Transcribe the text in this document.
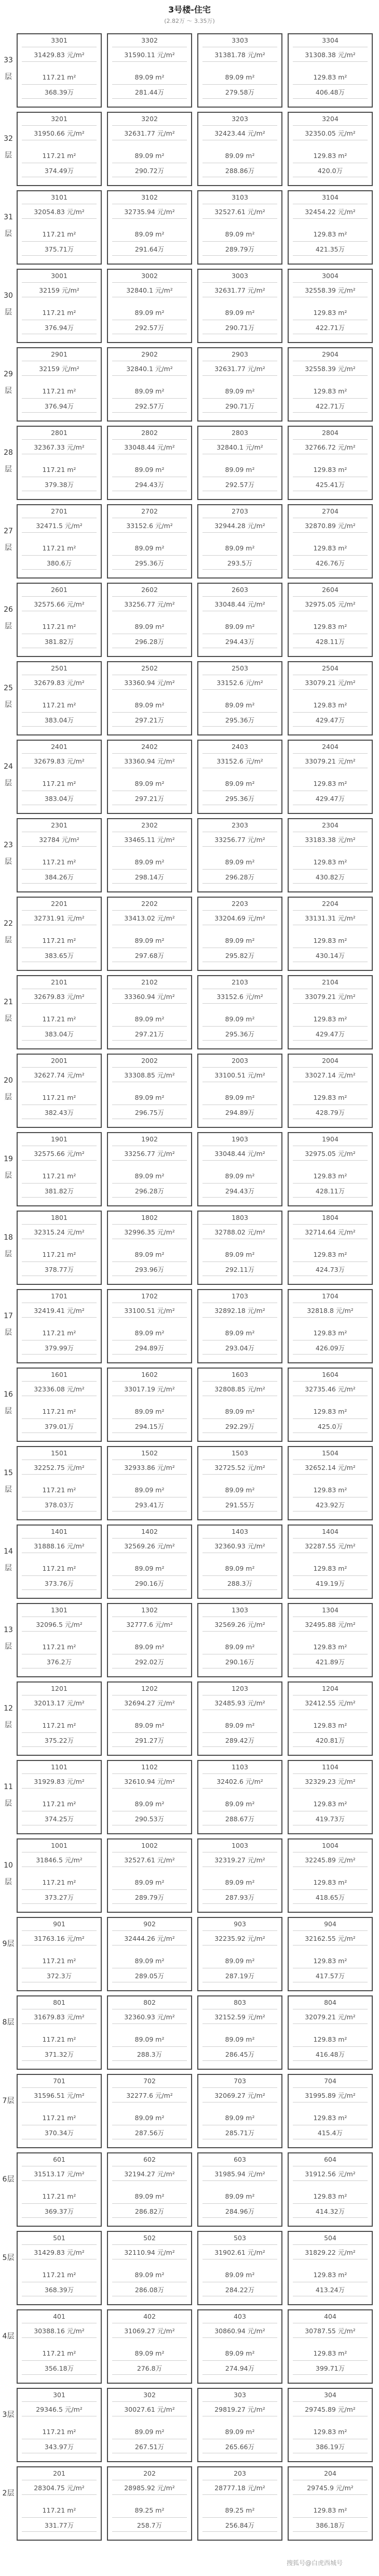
3号楼-住宅
(2.82万 ～ 3.35万)
33层
3301
31429.83 元/m²
117.21 m²
368.39万
3302
31590.11 元/m²
89.09 m²
281.44万
3303
31381.78 元/m²
89.09 m²
279.58万
3304
31308.38 元/m²
129.83 m²
406.48万
32层
3201
31950.66 元/m²
117.21 m²
374.49万
3202
32631.77 元/m²
89.09 m²
290.72万
3203
32423.44 元/m²
89.09 m²
288.86万
3204
32350.05 元/m²
129.83 m²
420.0万
31层
3101
32054.83 元/m²
117.21 m²
375.71万
3102
32735.94 元/m²
89.09 m²
291.64万
3103
32527.61 元/m²
89.09 m²
289.79万
3104
32454.22 元/m²
129.83 m²
421.35万
30层
3001
32159 元/m²
117.21 m²
376.94万
3002
32840.1 元/m²
89.09 m²
292.57万
3003
32631.77 元/m²
89.09 m²
290.71万
3004
32558.39 元/m²
129.83 m²
422.71万
29层
2901
32159 元/m²
117.21 m²
376.94万
2902
32840.1 元/m²
89.09 m²
292.57万
2903
32631.77 元/m²
89.09 m²
290.71万
2904
32558.39 元/m²
129.83 m²
422.71万
28层
2801
32367.33 元/m²
117.21 m²
379.38万
2802
33048.44 元/m²
89.09 m²
294.43万
2803
32840.1 元/m²
89.09 m²
292.57万
2804
32766.72 元/m²
129.83 m²
425.41万
27层
2701
32471.5 元/m²
117.21 m²
380.6万
2702
33152.6 元/m²
89.09 m²
295.36万
2703
32944.28 元/m²
89.09 m²
293.5万
2704
32870.89 元/m²
129.83 m²
426.76万
26层
2601
32575.66 元/m²
117.21 m²
381.82万
2602
33256.77 元/m²
89.09 m²
296.28万
2603
33048.44 元/m²
89.09 m²
294.43万
2604
32975.05 元/m²
129.83 m²
428.11万
25层
2501
32679.83 元/m²
117.21 m²
383.04万
2502
33360.94 元/m²
89.09 m²
297.21万
2503
33152.6 元/m²
89.09 m²
295.36万
2504
33079.21 元/m²
129.83 m²
429.47万
24层
2401
32679.83 元/m²
117.21 m²
383.04万
2402
33360.94 元/m²
89.09 m²
297.21万
2403
33152.6 元/m²
89.09 m²
295.36万
2404
33079.21 元/m²
129.83 m²
429.47万
23层
2301
32784 元/m²
117.21 m²
384.26万
2302
33465.11 元/m²
89.09 m²
298.14万
2303
33256.77 元/m²
89.09 m²
296.28万
2304
33183.38 元/m²
129.83 m²
430.82万
22层
2201
32731.91 元/m²
117.21 m²
383.65万
2202
33413.02 元/m²
89.09 m²
297.68万
2203
33204.69 元/m²
89.09 m²
295.82万
2204
33131.31 元/m²
129.83 m²
430.14万
21层
2101
32679.83 元/m²
117.21 m²
383.04万
2102
33360.94 元/m²
89.09 m²
297.21万
2103
33152.6 元/m²
89.09 m²
295.36万
2104
33079.21 元/m²
129.83 m²
429.47万
20层
2001
32627.74 元/m²
117.21 m²
382.43万
2002
33308.85 元/m²
89.09 m²
296.75万
2003
33100.51 元/m²
89.09 m²
294.89万
2004
33027.14 元/m²
129.83 m²
428.79万
19层
1901
32575.66 元/m²
117.21 m²
381.82万
1902
33256.77 元/m²
89.09 m²
296.28万
1903
33048.44 元/m²
89.09 m²
294.43万
1904
32975.05 元/m²
129.83 m²
428.11万
18层
1801
32315.24 元/m²
117.21 m²
378.77万
1802
32996.35 元/m²
89.09 m²
293.96万
1803
32788.02 元/m²
89.09 m²
292.11万
1804
32714.64 元/m²
129.83 m²
424.73万
17层
1701
32419.41 元/m²
117.21 m²
379.99万
1702
33100.51 元/m²
89.09 m²
294.89万
1703
32892.18 元/m²
89.09 m²
293.04万
1704
32818.8 元/m²
129.83 m²
426.09万
16层
1601
32336.08 元/m²
117.21 m²
379.01万
1602
33017.19 元/m²
89.09 m²
294.15万
1603
32808.85 元/m²
89.09 m²
292.29万
1604
32735.46 元/m²
129.83 m²
425.0万
15层
1501
32252.75 元/m²
117.21 m²
378.03万
1502
32933.86 元/m²
89.09 m²
293.41万
1503
32725.52 元/m²
89.09 m²
291.55万
1504
32652.14 元/m²
129.83 m²
423.92万
14层
1401
31888.16 元/m²
117.21 m²
373.76万
1402
32569.26 元/m²
89.09 m²
290.16万
1403
32360.93 元/m²
89.09 m²
288.3万
1404
32287.55 元/m²
129.83 m²
419.19万
13层
1301
32096.5 元/m²
117.21 m²
376.2万
1302
32777.6 元/m²
89.09 m²
292.02万
1303
32569.26 元/m²
89.09 m²
290.16万
1304
32495.88 元/m²
129.83 m²
421.89万
12层
1201
32013.17 元/m²
117.21 m²
375.22万
1202
32694.27 元/m²
89.09 m²
291.27万
1203
32485.93 元/m²
89.09 m²
289.42万
1204
32412.55 元/m²
129.83 m²
420.81万
11层
1101
31929.83 元/m²
117.21 m²
374.25万
1102
32610.94 元/m²
89.09 m²
290.53万
1103
32402.6 元/m²
89.09 m²
288.67万
1104
32329.23 元/m²
129.83 m²
419.73万
10层
1001
31846.5 元/m²
117.21 m²
373.27万
1002
32527.61 元/m²
89.09 m²
289.79万
1003
32319.27 元/m²
89.09 m²
287.93万
1004
32245.89 元/m²
129.83 m²
418.65万
9层
901
31763.16 元/m²
117.21 m²
372.3万
902
32444.26 元/m²
89.09 m²
289.05万
903
32235.92 元/m²
89.09 m²
287.19万
904
32162.55 元/m²
129.83 m²
417.57万
8层
801
31679.83 元/m²
117.21 m²
371.32万
802
32360.93 元/m²
89.09 m²
288.3万
803
32152.59 元/m²
89.09 m²
286.45万
804
32079.21 元/m²
129.83 m²
416.48万
7层
701
31596.51 元/m²
117.21 m²
370.34万
702
32277.6 元/m²
89.09 m²
287.56万
703
32069.27 元/m²
89.09 m²
285.71万
704
31995.89 元/m²
129.83 m²
415.4万
6层
601
31513.17 元/m²
117.21 m²
369.37万
602
32194.27 元/m²
89.09 m²
286.82万
603
31985.94 元/m²
89.09 m²
284.96万
604
31912.56 元/m²
129.83 m²
414.32万
5层
501
31429.83 元/m²
117.21 m²
368.39万
502
32110.94 元/m²
89.09 m²
286.08万
503
31902.61 元/m²
89.09 m²
284.22万
504
31829.22 元/m²
129.83 m²
413.24万
4层
401
30388.16 元/m²
117.21 m²
356.18万
402
31069.27 元/m²
89.09 m²
276.8万
403
30860.94 元/m²
89.09 m²
274.94万
404
30787.55 元/m²
129.83 m²
399.71万
3层
301
29346.5 元/m²
117.21 m²
343.97万
302
30027.61 元/m²
89.09 m²
267.51万
303
29819.27 元/m²
89.09 m²
265.66万
304
29745.89 元/m²
129.83 m²
386.19万
2层
201
28304.75 元/m²
117.21 m²
331.77万
202
28985.92 元/m²
89.25 m²
258.7万
203
28777.18 元/m²
89.25 m²
256.84万
204
29745.9 元/m²
129.83 m²
386.18万
搜狐号@白虎西城号
